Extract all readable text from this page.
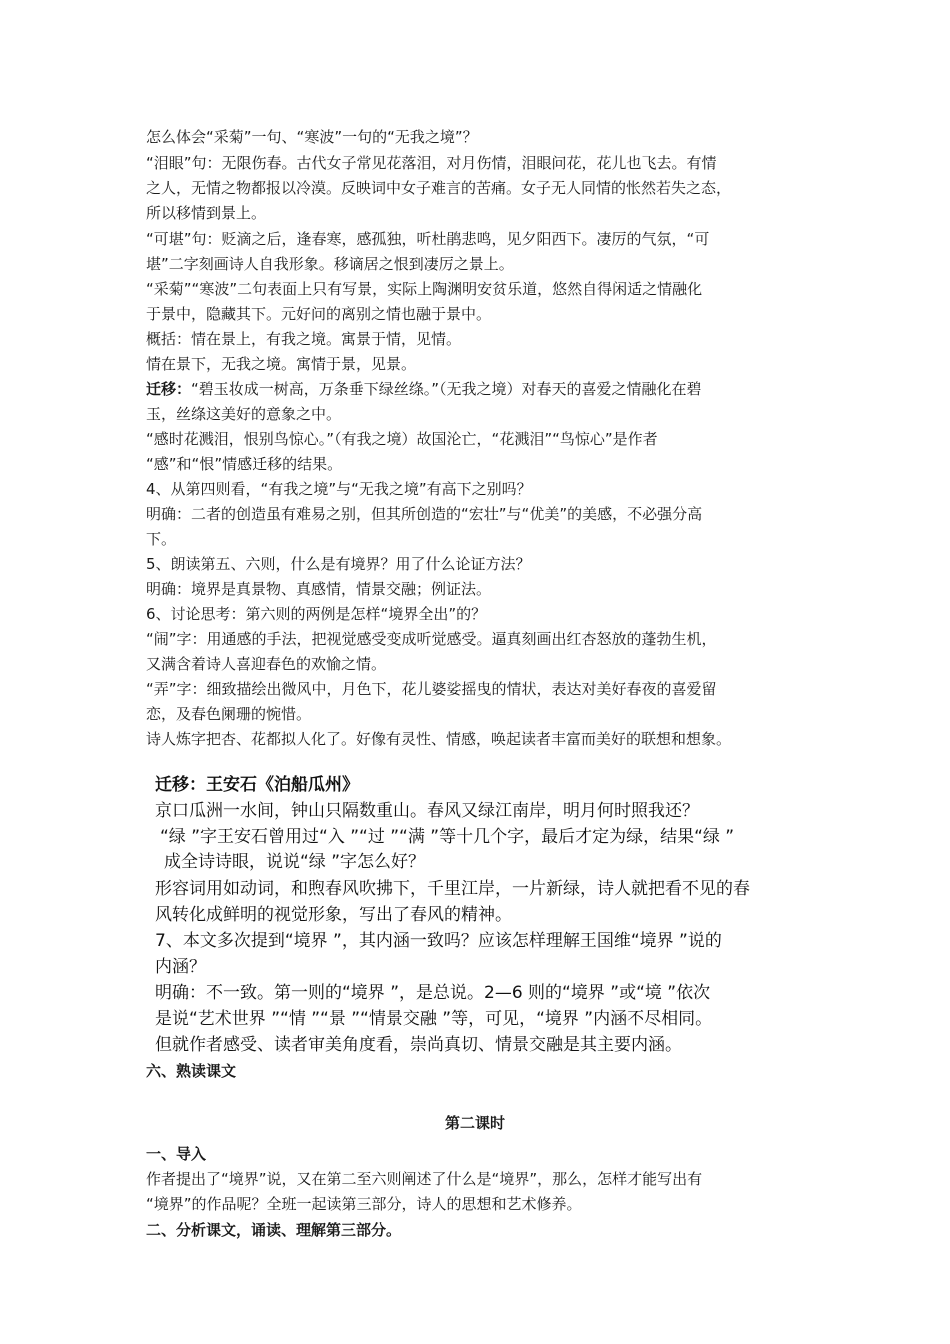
怎么体会“采菊”一句、“寒波”一句的“无我之境”？
“泪眼”句：无限伤春。古代女子常见花落泪，对月伤情，泪眼问花，花儿也飞去。有情
之人，无情之物都报以冷漠。反映词中女子难言的苦痛。女子无人同情的怅然若失之态，
所以移情到景上。
“可堪”句：贬滴之后，逢春寒，感孤独，听杜鹃悲鸣，见夕阳西下。凄厉的气氛，“可
堪”二字刻画诗人自我形象。移谪居之恨到凄厉之景上。
“采菊”“寒波”二句表面上只有写景，实际上陶渊明安贫乐道，悠然自得闲适之情融化
于景中，隐藏其下。元好问的离别之情也融于景中。
概括：情在景上，有我之境。寓景于情，见情。
情在景下，无我之境。寓情于景，见景。
迁移：“碧玉妆成一树高，万条垂下绿丝绦。”（无我之境）对春天的喜爱之情融化在碧
玉，丝绦这美好的意象之中。
“感时花溅泪，恨别鸟惊心。”（有我之境）故国沦亡，“花溅泪”“鸟惊心”是作者
“感”和“恨”情感迁移的结果。
4、从第四则看，“有我之境”与“无我之境”有高下之别吗？
明确：二者的创造虽有难易之别，但其所创造的“宏壮”与“优美”的美感，不必强分高
下。
5、朗读第五、六则，什么是有境界？用了什么论证方法？
明确：境界是真景物、真感情，情景交融；例证法。
6、讨论思考：第六则的两例是怎样“境界全出”的？
“闹”字：用通感的手法，把视觉感受变成听觉感受。逼真刻画出红杏怒放的蓬勃生机，
又满含着诗人喜迎春色的欢愉之情。
“弄”字：细致描绘出微风中，月色下，花儿婆娑摇曳的情状，表达对美好春夜的喜爱留
恋，及春色阑珊的惋惜。
诗人炼字把杏、花都拟人化了。好像有灵性、情感，唤起读者丰富而美好的联想和想象。
迁移：王安石《泊船瓜州》
京口瓜洲一水间，钟山只隔数重山。春风又绿江南岸，明月何时照我还？
“绿 ”字王安石曾用过“入 ”“过 ”“满 ”等十几个字，最后才定为绿，结果“绿 ”
成全诗诗眼，说说“绿 ”字怎么好？
形容词用如动词，和煦春风吹拂下，千里江岸，一片新绿，诗人就把看不见的春
风转化成鲜明的视觉形象，写出了春风的精神。
7、本文多次提到“境界 ”，其内涵一致吗？应该怎样理解王国维“境界 ”说的
内涵？
明确：不一致。第一则的“境界 ”，是总说。2—6 则的“境界 ”或“境 ”依次
是说“艺术世界 ”“情 ”“景 ”“情景交融 ”等，可见，“境界 ”内涵不尽相同。
但就作者感受、读者审美角度看，崇尚真切、情景交融是其主要内涵。
六、熟读课文
第二课时
一、导入
作者提出了“境界”说，又在第二至六则阐述了什么是“境界”，那么，怎样才能写出有
“境界”的作品呢？全班一起读第三部分，诗人的思想和艺术修养。
二、分析课文，诵读、理解第三部分。
